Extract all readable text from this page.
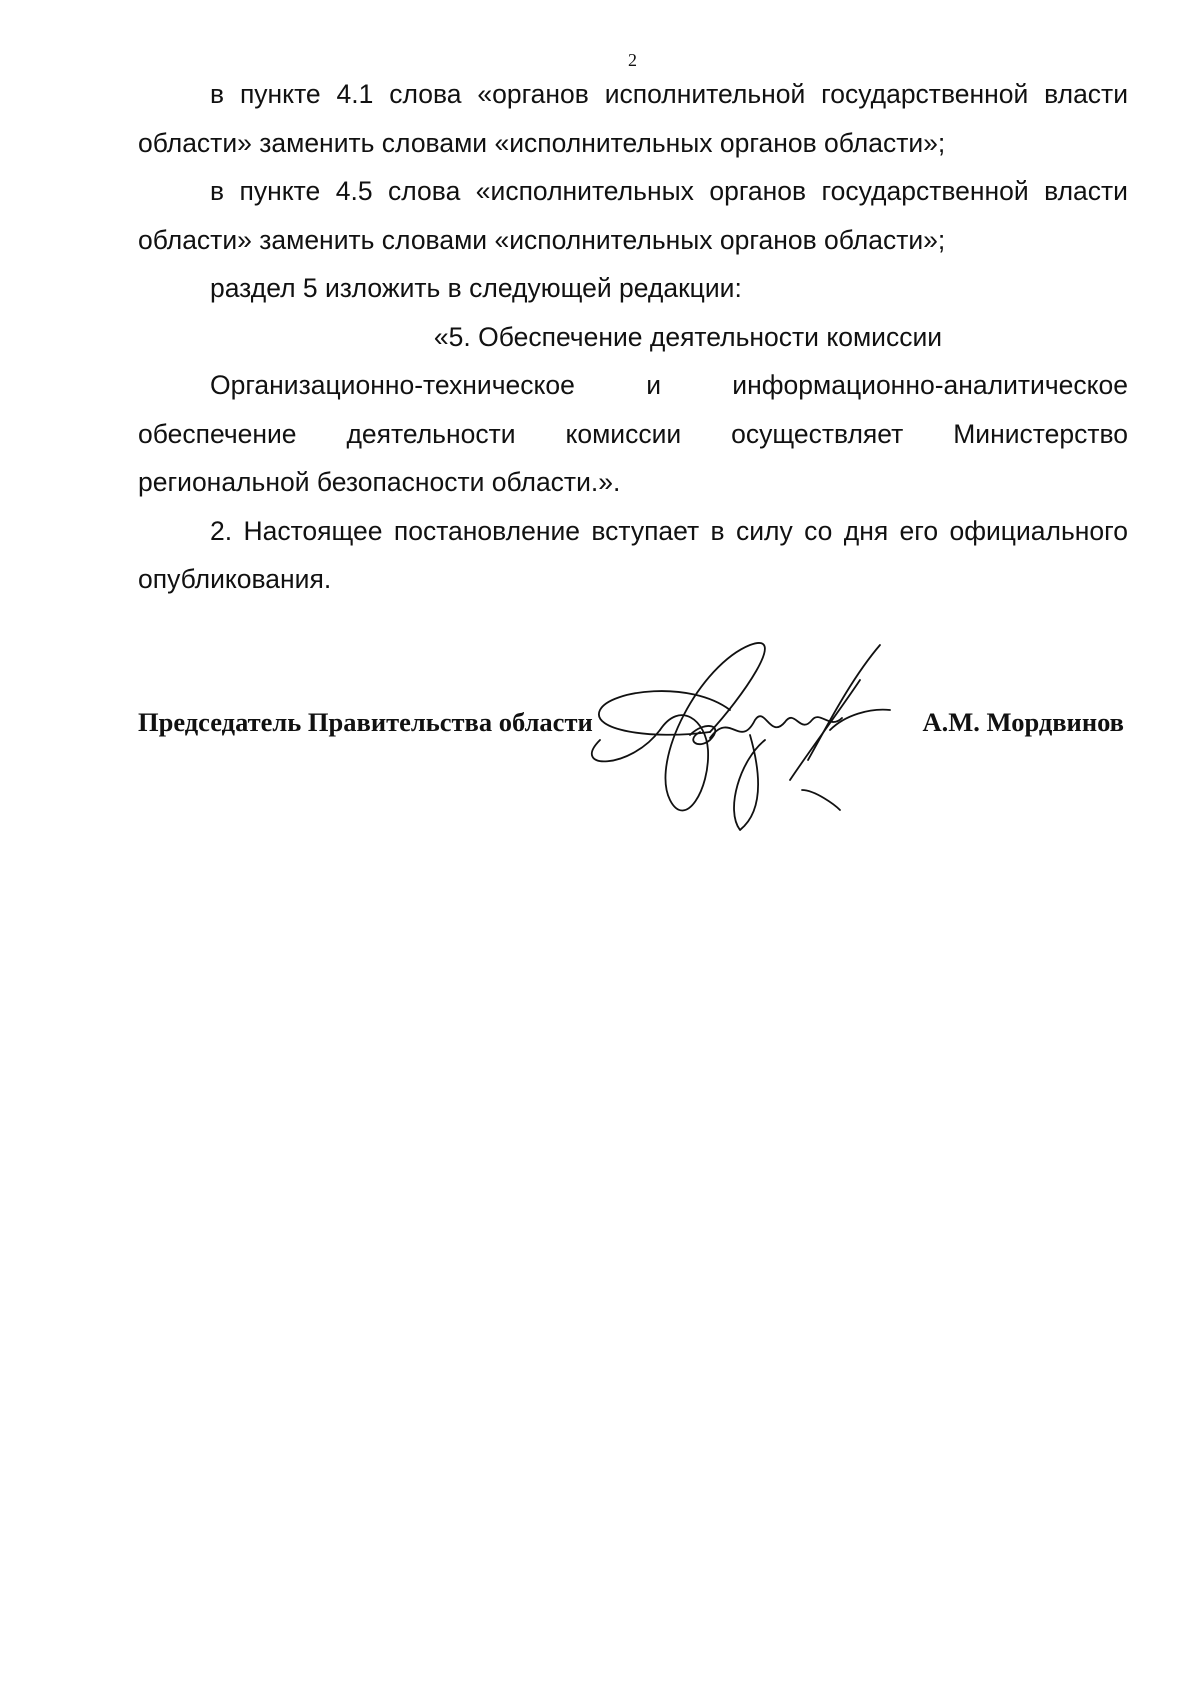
2

в пункте 4.1 слова «органов исполнительной государственной власти области» заменить словами «исполнительных органов области»;

в пункте 4.5 слова «исполнительных органов государственной власти области» заменить словами «исполнительных органов области»;

раздел 5 изложить в следующей редакции:

«5. Обеспечение деятельности комиссии

Организационно-техническое и информационно-аналитическое обеспечение деятельности комиссии осуществляет Министерство региональной безопасности области.».

2. Настоящее постановление вступает в силу со дня его официального опубликования.

Председатель Правительства области	А.М. Мордвинов
